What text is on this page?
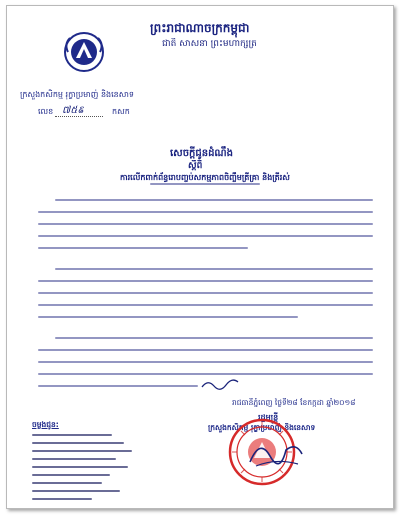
ព្រះរាជាណាចក្រកម្ពុជា
ជាតិ សាសនា ព្រះមហាក្សត្រ
ក្រសួងកសិកម្ម រុក្ខាប្រមាញ់ និងនេសាទ
លេខ ៧៥៩	កសក
សេចក្តីជូនដំណឹង
ស្តីពី
ការលើកពាក់ព័ន្ធរោបញ្ចប់សកម្មភាពចិញ្ចឹមត្រីគ្រា និងត្រីរស់
រាជធានីភ្នំពេញ ថ្ងៃទី២៨ ខែកក្កដា ឆ្នាំ២០១៨
រដ្ឋមន្ត្រី
ក្រសួងកសិកម្ម រុក្ខាប្រមាញ់ និងនេសាទ
ចម្លងជូន:
